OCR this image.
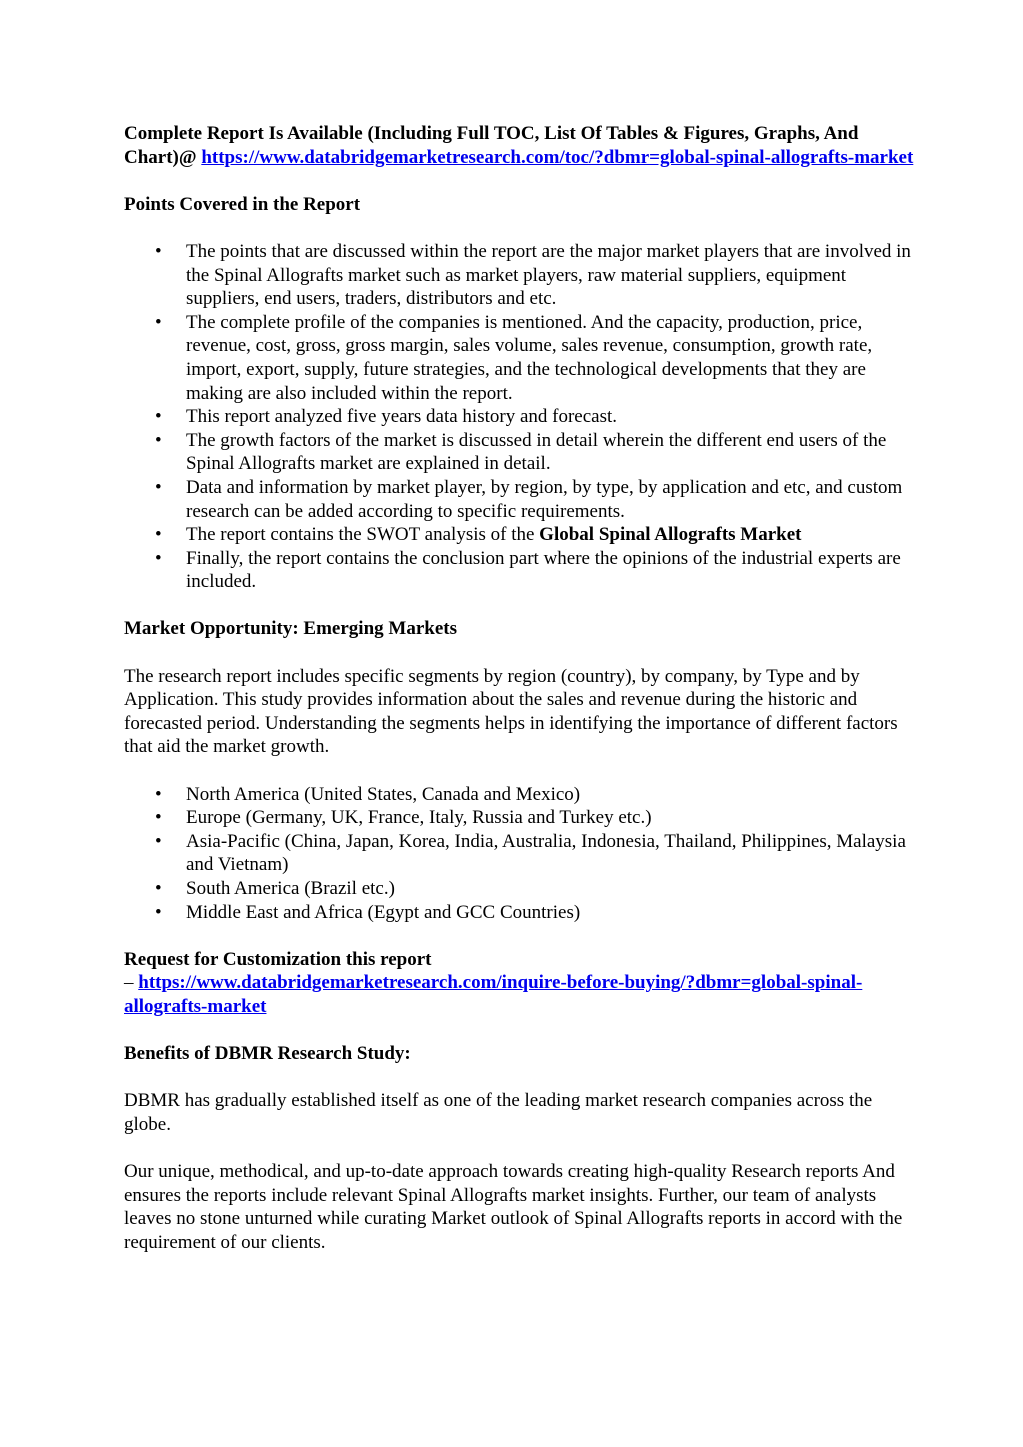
Complete Report Is Available (Including Full TOC, List Of Tables & Figures, Graphs, And Chart)@ https://www.databridgemarketresearch.com/toc/?dbmr=global-spinal-allografts-market

Points Covered in the Report

• The points that are discussed within the report are the major market players that are involved in the Spinal Allografts market such as market players, raw material suppliers, equipment suppliers, end users, traders, distributors and etc.
• The complete profile of the companies is mentioned. And the capacity, production, price, revenue, cost, gross, gross margin, sales volume, sales revenue, consumption, growth rate, import, export, supply, future strategies, and the technological developments that they are making are also included within the report.
• This report analyzed five years data history and forecast.
• The growth factors of the market is discussed in detail wherein the different end users of the Spinal Allografts market are explained in detail.
• Data and information by market player, by region, by type, by application and etc, and custom research can be added according to specific requirements.
• The report contains the SWOT analysis of the Global Spinal Allografts Market
• Finally, the report contains the conclusion part where the opinions of the industrial experts are included.

Market Opportunity: Emerging Markets

The research report includes specific segments by region (country), by company, by Type and by Application. This study provides information about the sales and revenue during the historic and forecasted period. Understanding the segments helps in identifying the importance of different factors that aid the market growth.

• North America (United States, Canada and Mexico)
• Europe (Germany, UK, France, Italy, Russia and Turkey etc.)
• Asia-Pacific (China, Japan, Korea, India, Australia, Indonesia, Thailand, Philippines, Malaysia and Vietnam)
• South America (Brazil etc.)
• Middle East and Africa (Egypt and GCC Countries)

Request for Customization this report

– https://www.databridgemarketresearch.com/inquire-before-buying/?dbmr=global-spinal-allografts-market

Benefits of DBMR Research Study:

DBMR has gradually established itself as one of the leading market research companies across the globe.

Our unique, methodical, and up-to-date approach towards creating high-quality Research reports And ensures the reports include relevant Spinal Allografts market insights. Further, our team of analysts leaves no stone unturned while curating Market outlook of Spinal Allografts reports in accord with the requirement of our clients.
